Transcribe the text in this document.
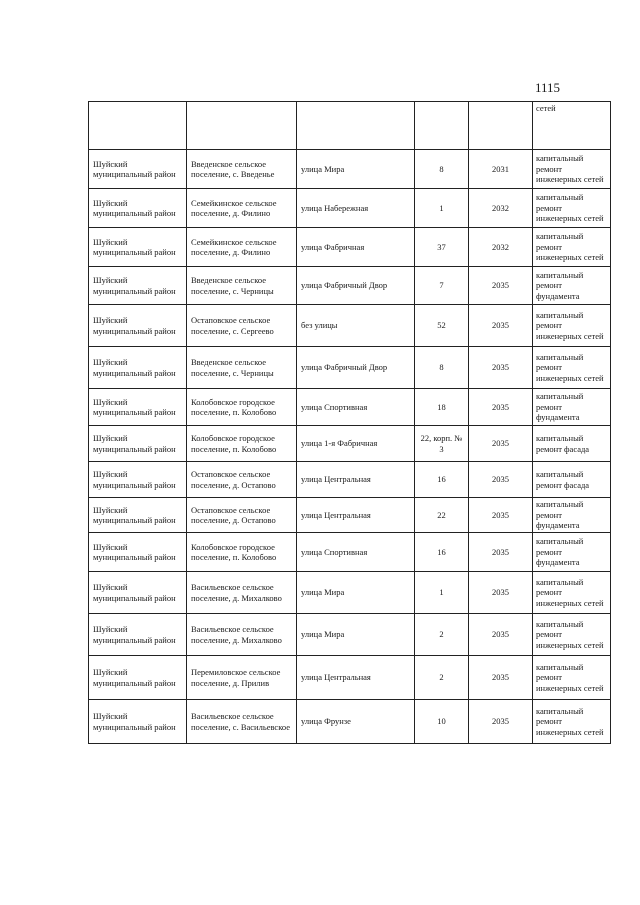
1115
					сетей
Шуйский муниципальный район	Введенское сельское поселение, с. Введенье	улица Мира	8	2031	капитальный ремонт инженерных сетей
Шуйский муниципальный район	Семейкинское сельское поселение, д. Филино	улица Набережная	1	2032	капитальный ремонт инженерных сетей
Шуйский муниципальный район	Семейкинское сельское поселение, д. Филино	улица Фабричная	37	2032	капитальный ремонт инженерных сетей
Шуйский муниципальный район	Введенское сельское поселение, с. Черницы	улица Фабричный Двор	7	2035	капитальный ремонт фундамента
Шуйский муниципальный район	Остаповское сельское поселение, с. Сергеево	без улицы	52	2035	капитальный ремонт инженерных сетей
Шуйский муниципальный район	Введенское сельское поселение, с. Черницы	улица Фабричный Двор	8	2035	капитальный ремонт инженерных сетей
Шуйский муниципальный район	Колобовское городское поселение, п. Колобово	улица Спортивная	18	2035	капитальный ремонт фундамента
Шуйский муниципальный район	Колобовское городское поселение, п. Колобово	улица 1-я Фабричная	22, корп. № 3	2035	капитальный ремонт фасада
Шуйский муниципальный район	Остаповское сельское поселение, д. Остапово	улица Центральная	16	2035	капитальный ремонт фасада
Шуйский муниципальный район	Остаповское сельское поселение, д. Остапово	улица Центральная	22	2035	капитальный ремонт фундамента
Шуйский муниципальный район	Колобовское городское поселение, п. Колобово	улица Спортивная	16	2035	капитальный ремонт фундамента
Шуйский муниципальный район	Васильевское сельское поселение, д. Михалково	улица Мира	1	2035	капитальный ремонт инженерных сетей
Шуйский муниципальный район	Васильевское сельское поселение, д. Михалково	улица Мира	2	2035	капитальный ремонт инженерных сетей
Шуйский муниципальный район	Перемиловское сельское поселение, д. Прилив	улица Центральная	2	2035	капитальный ремонт инженерных сетей
Шуйский муниципальный район	Васильевское сельское поселение, с. Васильевское	улица Фрунзе	10	2035	капитальный ремонт инженерных сетей
